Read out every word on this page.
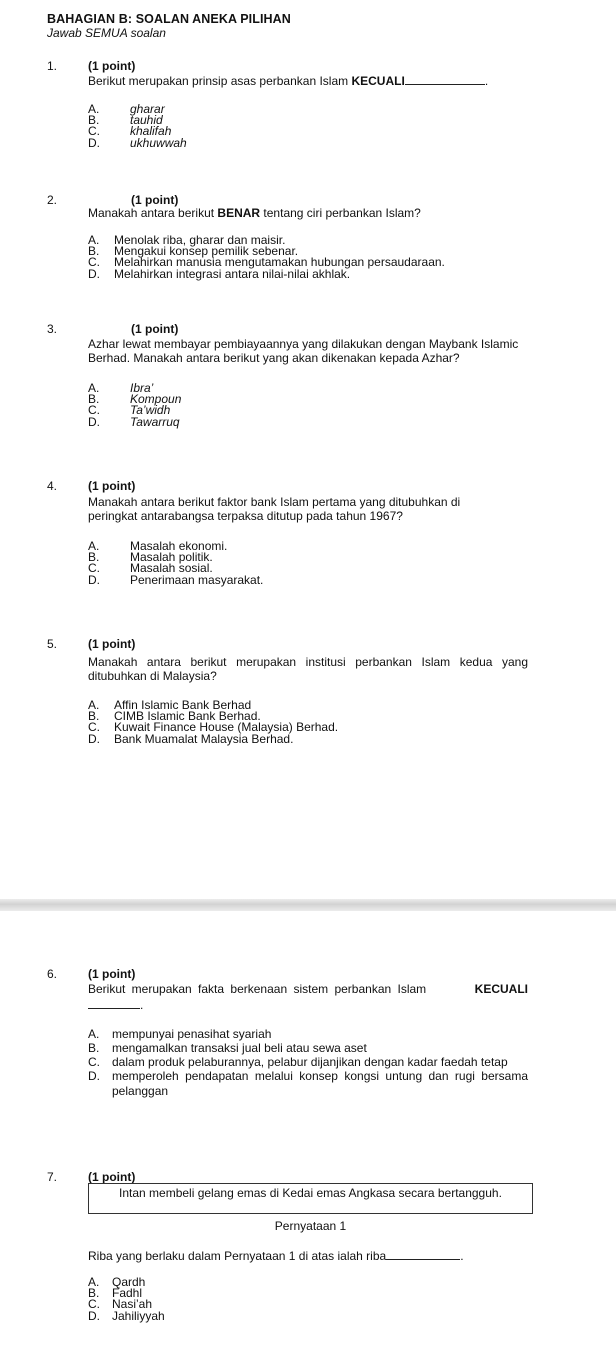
BAHAGIAN B: SOALAN ANEKA PILIHAN
Jawab SEMUA soalan
1.	(1 point)
Berikut merupakan prinsip asas perbankan Islam KECUALI	.
A.	gharar
B.	tauhid
C.	khalifah
D.	ukhuwwah
2.	(1 point)
Manakah antara berikut BENAR tentang ciri perbankan Islam?
A.	Menolak riba, gharar dan maisir.
B.	Mengakui konsep pemilik sebenar.
C.	Melahirkan manusia mengutamakan hubungan persaudaraan.
D.	Melahirkan integrasi antara nilai-nilai akhlak.
3.	(1 point)
Azhar lewat membayar pembiayaannya yang dilakukan dengan Maybank Islamic Berhad. Manakah antara berikut yang akan dikenakan kepada Azhar?
A.	Ibra’
B.	Kompoun
C.	Ta’widh
D.	Tawarruq
4.	(1 point)
Manakah antara berikut faktor bank Islam pertama yang ditubuhkan di peringkat antarabangsa terpaksa ditutup pada tahun 1967?
A.	Masalah ekonomi.
B.	Masalah politik.
C.	Masalah sosial.
D.	Penerimaan masyarakat.
5.	(1 point)
Manakah antara berikut merupakan institusi perbankan Islam kedua yang ditubuhkan di Malaysia?
A.	Affin Islamic Bank Berhad
B.	CIMB Islamic Bank Berhad.
C.	Kuwait Finance House (Malaysia) Berhad.
D.	Bank Muamalat Malaysia Berhad.
6.	(1 point)
Berikut merupakan fakta berkenaan sistem perbankan Islam	KECUALI
.
A.	mempunyai penasihat syariah
B.	mengamalkan transaksi jual beli atau sewa aset
C.	dalam produk pelaburannya, pelabur dijanjikan dengan kadar faedah tetap
D.	memperoleh pendapatan melalui konsep kongsi untung dan rugi bersama pelanggan
7.	(1 point)
Intan membeli gelang emas di Kedai emas Angkasa secara bertangguh.
Pernyataan 1
Riba yang berlaku dalam Pernyataan 1 di atas ialah riba	.
A.	Qardh
B.	Fadhl
C.	Nasi’ah
D.	Jahiliyyah
